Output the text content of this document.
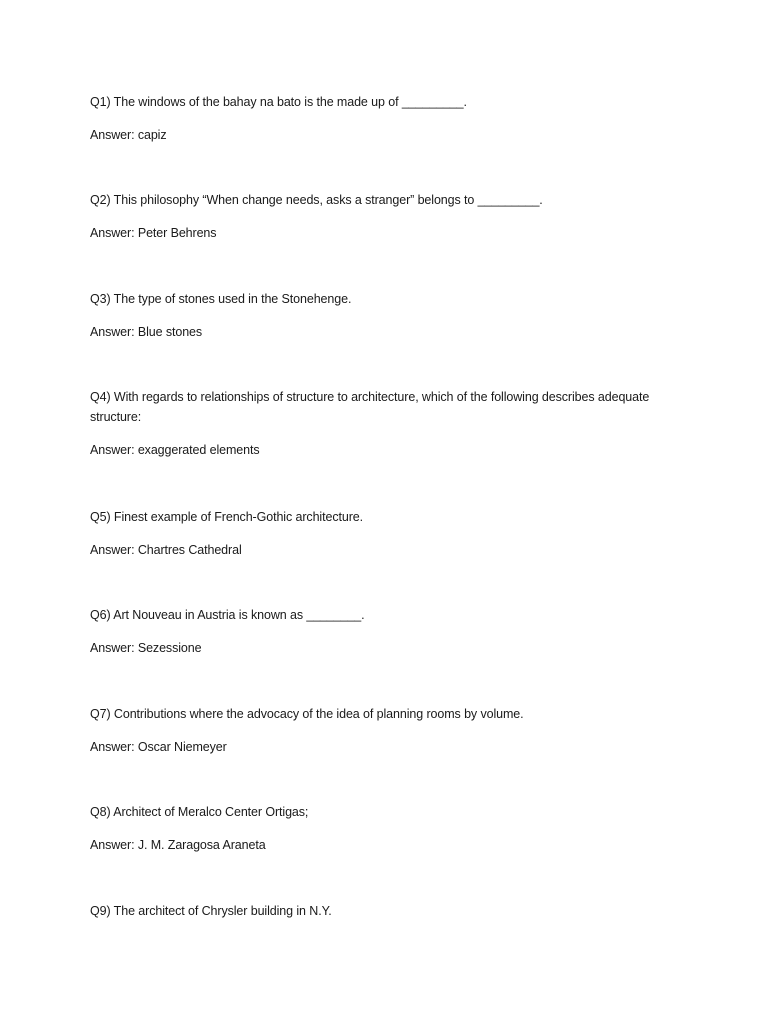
Q1) The windows of the bahay na bato is the made up of _________.
Answer: capiz
Q2) This philosophy “When change needs, asks a stranger” belongs to _________.
Answer: Peter Behrens
Q3) The type of stones used in the Stonehenge.
Answer: Blue stones
Q4) With regards to relationships of structure to architecture, which of the following describes adequate structure:
Answer: exaggerated elements
Q5) Finest example of French-Gothic architecture.
Answer: Chartres Cathedral
Q6) Art Nouveau in Austria is known as ________.
Answer: Sezessione
Q7) Contributions where the advocacy of the idea of planning rooms by volume.
Answer: Oscar Niemeyer
Q8) Architect of Meralco Center Ortigas;
Answer: J. M. Zaragosa Araneta
Q9) The architect of Chrysler building in N.Y.
